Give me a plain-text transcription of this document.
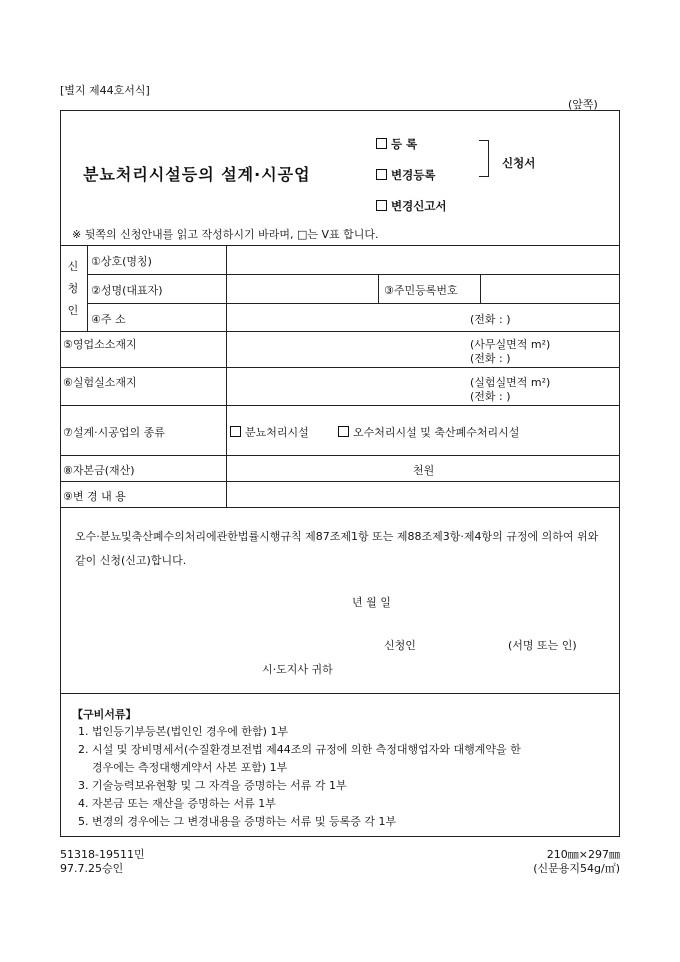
[별지 제44호서식]
(앞쪽)
분뇨처리시설등의 설계·시공업
등 록
변경등록
변경신고서
신청서
※ 뒷쪽의 신청안내를 읽고 작성하시기 바라며, □는 V표 합니다.
신
청
인
①상호(명칭)
②성명(대표자)	③주민등록번호
④주 소	(전화 : )
⑤영업소소재지	(사무실면적 m²)
(전화 : )
⑥실험실소재지	(실험실면적 m²)
(전화 : )
⑦설계·시공업의 종류	분뇨처리시설	오수처리시설 및 축산폐수처리시설
⑧자본금(재산)	천원
⑨변 경 내 용
오수·분뇨및축산폐수의처리에관한법률시행규칙 제87조제1항 또는 제88조제3항·제4항의 규정에 의하여 위와 같이 신청(신고)합니다.
년 월 일
신청인	(서명 또는 인)
시·도지사 귀하
【구비서류】
1. 법인등기부등본(법인인 경우에 한함) 1부
2. 시설 및 장비명세서(수질환경보전법 제44조의 규정에 의한 측정대행업자와 대행계약을 한
경우에는 측정대행계약서 사본 포함) 1부
3. 기술능력보유현황 및 그 자격을 증명하는 서류 각 1부
4. 자본금 또는 재산을 증명하는 서류 1부
5. 변경의 경우에는 그 변경내용을 증명하는 서류 및 등록증 각 1부
51318-19511민
97.7.25승인
210㎜×297㎜
(신문용지54g/㎡)
